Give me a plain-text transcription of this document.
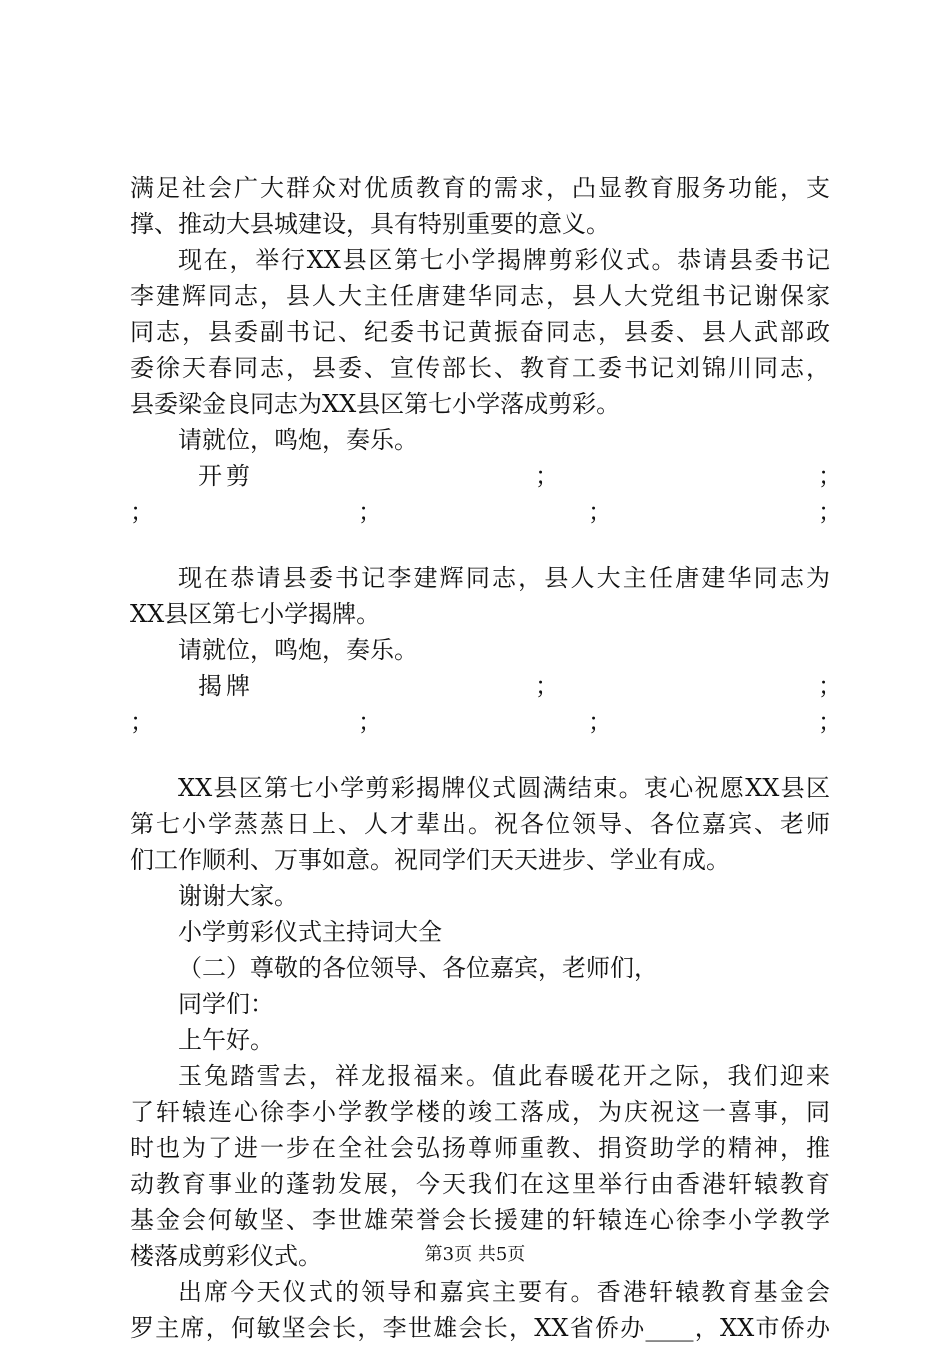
满足社会广大群众对优质教育的需求，凸显教育服务功能，支

撑、推动大县城建设，具有特别重要的意义。

现在，举行XX县区第七小学揭牌剪彩仪式。恭请县委书记

李建辉同志，县人大主任唐建华同志，县人大党组书记谢保家

同志，县委副书记、纪委书记黄振奋同志，县委、县人武部政

委徐天春同志，县委、宣传部长、教育工委书记刘锦川同志，

县委梁金良同志为XX县区第七小学落成剪彩。

请就位，鸣炮，奏乐。

开剪	；	；
；	；	；	；

现在恭请县委书记李建辉同志，县人大主任唐建华同志为

XX县区第七小学揭牌。

请就位，鸣炮，奏乐。

揭牌	；	；
；	；	；	；

XX县区第七小学剪彩揭牌仪式圆满结束。衷心祝愿XX县区

第七小学蒸蒸日上、人才辈出。祝各位领导、各位嘉宾、老师

们工作顺利、万事如意。祝同学们天天进步、学业有成。

谢谢大家。

小学剪彩仪式主持词大全

（二）尊敬的各位领导、各位嘉宾，老师们，

同学们：

上午好。

玉兔踏雪去，祥龙报福来。值此春暖花开之际，我们迎来

了轩辕连心徐李小学教学楼的竣工落成，为庆祝这一喜事，同

时也为了进一步在全社会弘扬尊师重教、捐资助学的精神，推

动教育事业的蓬勃发展，今天我们在这里举行由香港轩辕教育

基金会何敏坚、李世雄荣誉会长援建的轩辕连心徐李小学教学

楼落成剪彩仪式。

出席今天仪式的领导和嘉宾主要有。香港轩辕教育基金会

罗主席，何敏坚会长，李世雄会长，XX省侨办____，XX市侨办

第3页 共5页
